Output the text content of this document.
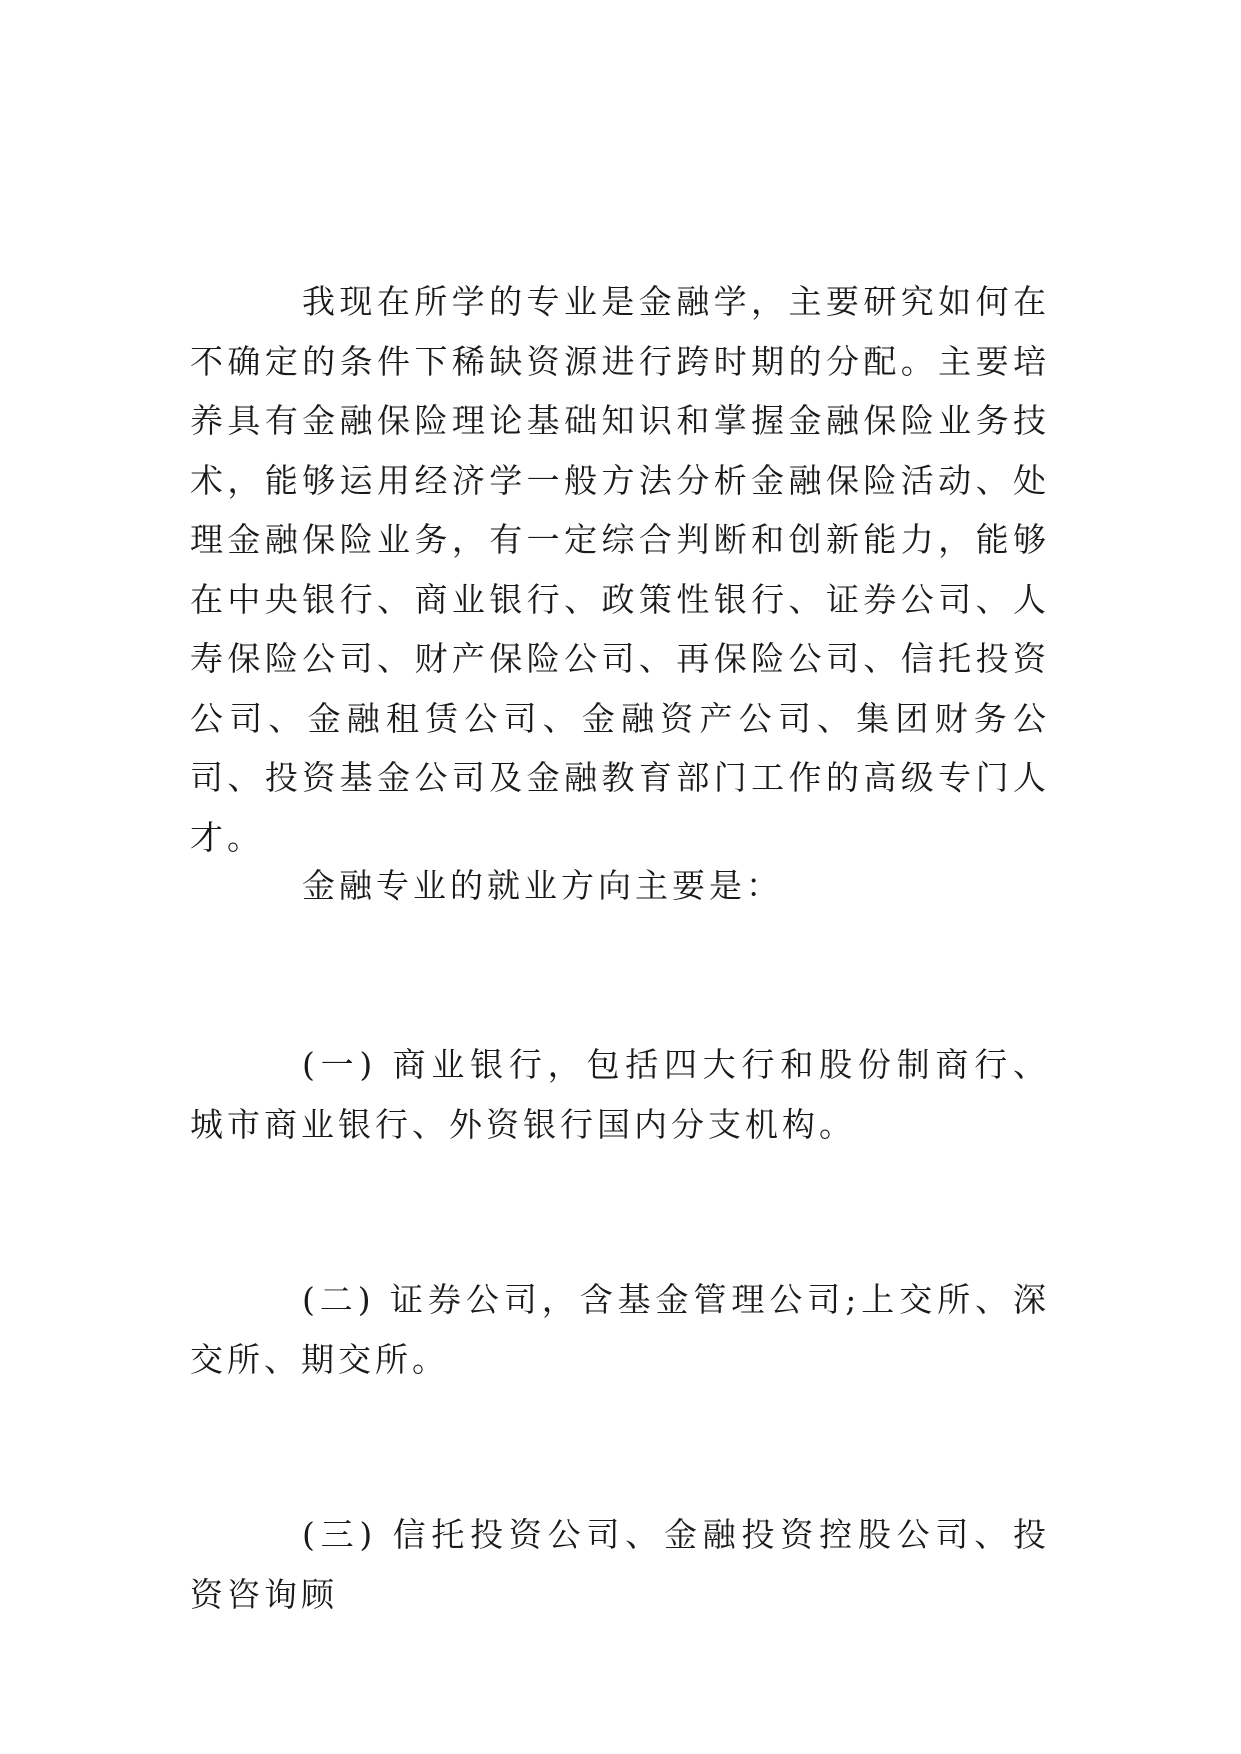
我现在所学的专业是金融学，主要研究如何在不确定的条件下稀缺资源进行跨时期的分配。主要培养具有金融保险理论基础知识和掌握金融保险业务技术，能够运用经济学一般方法分析金融保险活动、处理金融保险业务，有一定综合判断和创新能力，能够在中央银行、商业银行、政策性银行、证券公司、人寿保险公司、财产保险公司、再保险公司、信托投资公司、金融租赁公司、金融资产公司、集团财务公司、投资基金公司及金融教育部门工作的高级专门人才。

金融专业的就业方向主要是：

(一) 商业银行，包括四大行和股份制商行、城市商业银行、外资银行国内分支机构。

(二) 证券公司，含基金管理公司;上交所、深交所、期交所。

(三) 信托投资公司、金融投资控股公司、投资咨询顾
